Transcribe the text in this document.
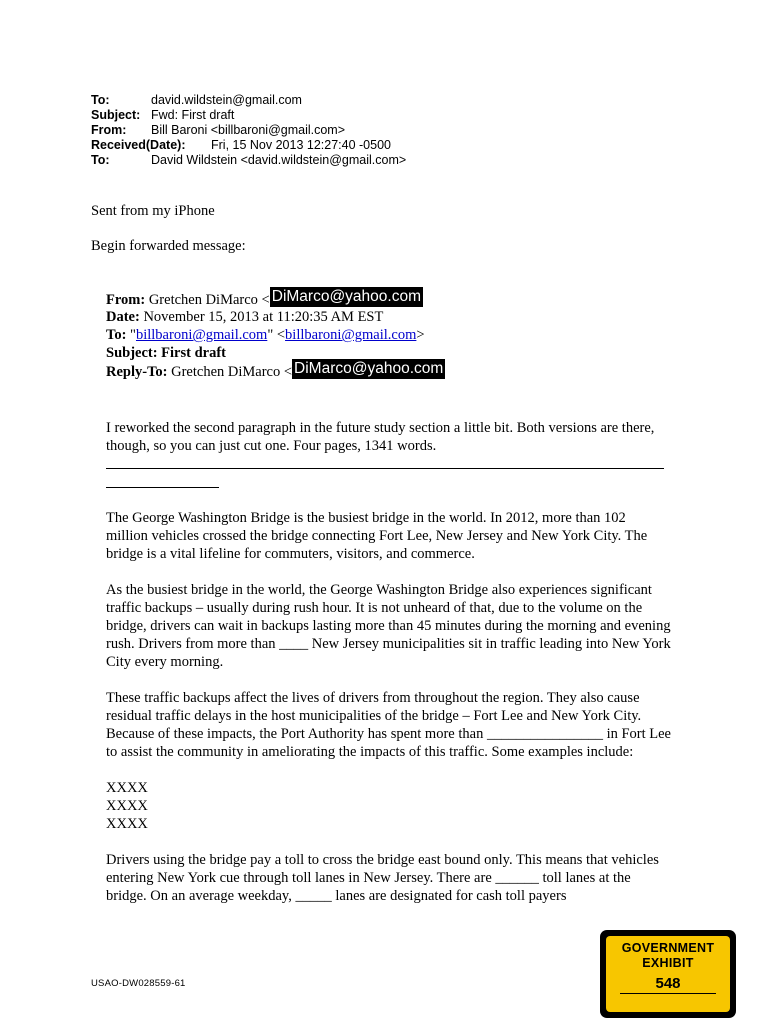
To:	david.wildstein@gmail.com
Subject: Fwd: First draft
From: Bill Baroni <billbaroni@gmail.com>
Received(Date): Fri, 15 Nov 2013 12:27:40 -0500
To:	David Wildstein <david.wildstein@gmail.com>
Sent from my iPhone
Begin forwarded message:
From: Gretchen DiMarco < DiMarco@yahoo.com
Date: November 15, 2013 at 11:20:35 AM EST
To: "billbaroni@gmail.com" <billbaroni@gmail.com>
Subject: First draft
Reply-To: Gretchen DiMarco < DiMarco@yahoo.com

I reworked the second paragraph in the future study section a little bit. Both versions are there, though, so you can just cut one. Four pages, 1341 words.

The George Washington Bridge is the busiest bridge in the world. In 2012, more than 102 million vehicles crossed the bridge connecting Fort Lee, New Jersey and New York City. The bridge is a vital lifeline for commuters, visitors, and commerce.

As the busiest bridge in the world, the George Washington Bridge also experiences significant traffic backups – usually during rush hour. It is not unheard of that, due to the volume on the bridge, drivers can wait in backups lasting more than 45 minutes during the morning and evening rush. Drivers from more than ____ New Jersey municipalities sit in traffic leading into New York City every morning.

These traffic backups affect the lives of drivers from throughout the region. They also cause residual traffic delays in the host municipalities of the bridge – Fort Lee and New York City. Because of these impacts, the Port Authority has spent more than ________________ in Fort Lee to assist the community in ameliorating the impacts of this traffic. Some examples include:

XXXX

XXXX

XXXX

Drivers using the bridge pay a toll to cross the bridge east bound only. This means that vehicles entering New York cue through toll lanes in New Jersey. There are ______ toll lanes at the bridge. On an average weekday, _____ lanes are designated for cash toll payers

USAO-DW028559-61
GOVERNMENT
EXHIBIT
548
